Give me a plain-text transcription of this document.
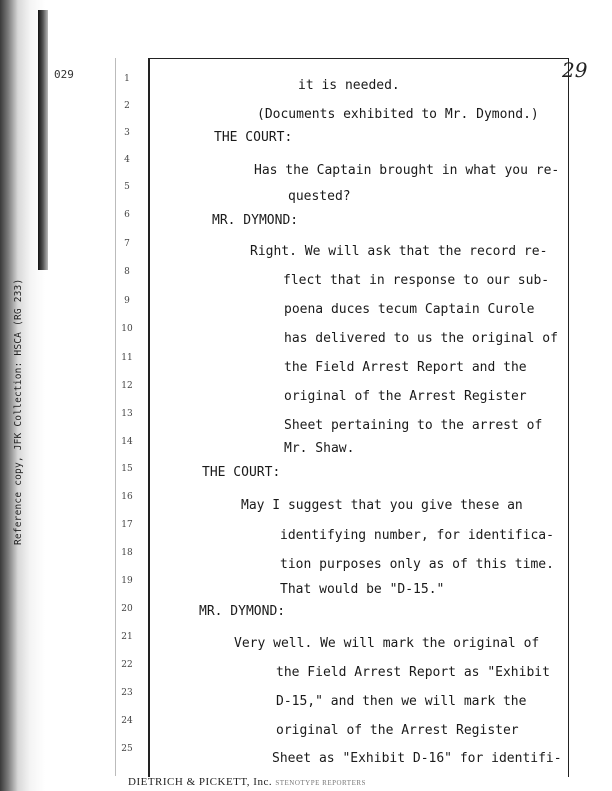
Reference copy, JFK Collection: HSCA (RG 233)
029	29
1	it is needed.
2
(Documents exhibited to Mr. Dymond.)
3	THE COURT:
4
Has the Captain brought in what you re-
5
quested?
6	MR. DYMOND:
7	Right. We will ask that the record re-
8
flect that in response to our sub-
9
poena duces tecum Captain Curole
10
has delivered to us the original of
11
the Field Arrest Report and the
12
original of the Arrest Register
13
Sheet pertaining to the arrest of
14	Mr. Shaw.
15	THE COURT:
16
May I suggest that you give these an
17
identifying number, for identifica-
18
tion purposes only as of this time.
19
That would be "D-15."
20	MR. DYMOND:
21	Very well. We will mark the original of
22	the Field Arrest Report as "Exhibit
23
D-15," and then we will mark the
24
original of the Arrest Register
25
Sheet as "Exhibit D-16" for identifi-
DIETRICH & PICKETT, Inc. STENOTYPE REPORTERS
